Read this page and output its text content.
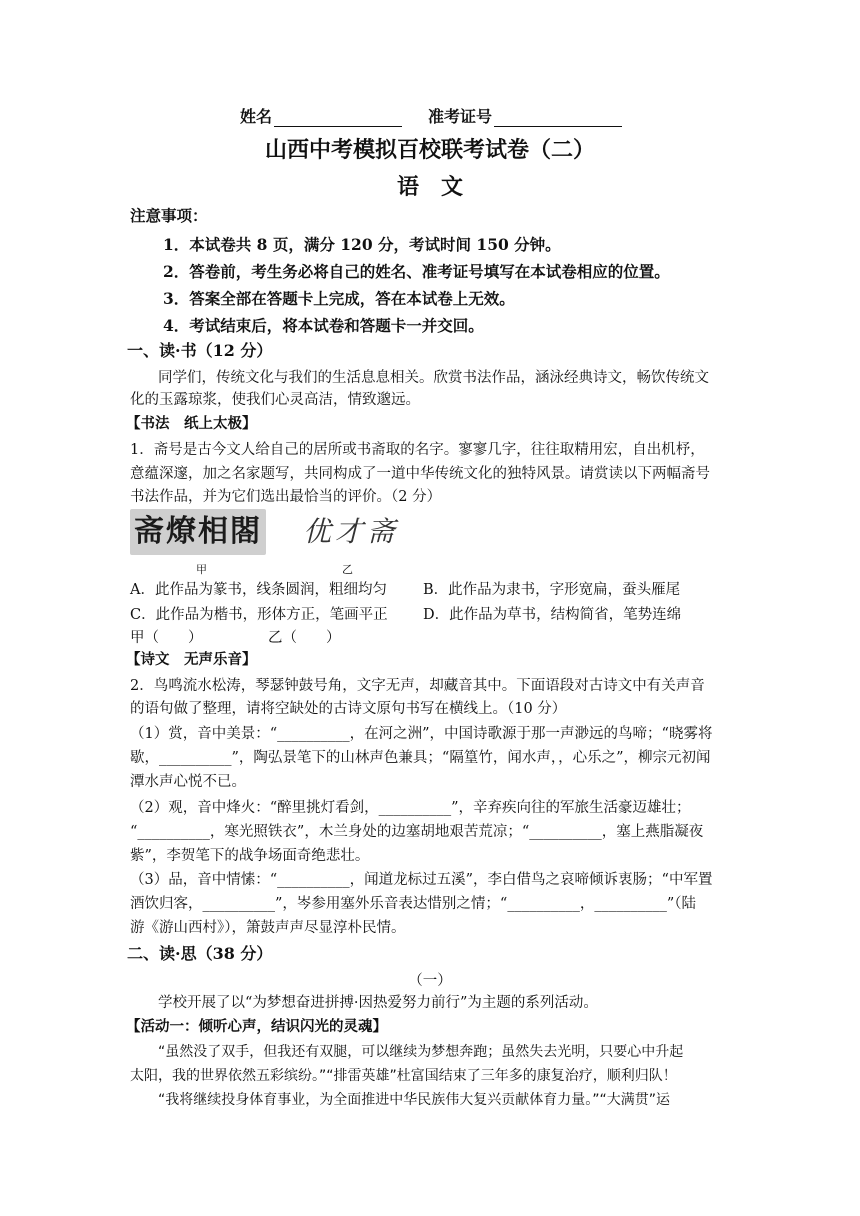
姓名	准考证号
山西中考模拟百校联考试卷（二）
语　文
注意事项：
1．本试卷共 8 页，满分 120 分，考试时间 150 分钟。
2．答卷前，考生务必将自己的姓名、准考证号填写在本试卷相应的位置。
3．答案全部在答题卡上完成，答在本试卷上无效。
4．考试结束后，将本试卷和答题卡一并交回。
一、读·书（12 分）
同学们，传统文化与我们的生活息息相关。欣赏书法作品，涵泳经典诗文，畅饮传统文
化的玉露琼浆，使我们心灵高洁，情致邈远。
【书法　纸上太极】
1．斋号是古今文人给自己的居所或书斋取的名字。寥寥几字，往往取精用宏，自出机杼，
意蕴深邃，加之名家题写，共同构成了一道中华传统文化的独特风景。请赏读以下两幅斋号
书法作品，并为它们选出最恰当的评价。（2 分）
斋燎相閤 优才斋
甲	乙
A．此作品为篆书，线条圆润，粗细均匀 B．此作品为隶书，字形宽扁，蚕头雁尾
C．此作品为楷书，形体方正，笔画平正 D．此作品为草书，结构简省，笔势连绵
甲（　　）	乙（　　）
【诗文　无声乐音】
2．鸟鸣流水松涛，琴瑟钟鼓号角，文字无声，却藏音其中。下面语段对古诗文中有关声音
的语句做了整理，请将空缺处的古诗文原句书写在横线上。（10 分）
（1）赏，音中美景：“__________，在河之洲”，中国诗歌源于那一声渺远的鸟啼；“晓雾将
歇，__________”，陶弘景笔下的山林声色兼具；“隔篁竹，闻水声，，心乐之”，柳宗元初闻
潭水声心悦不已。
（2）观，音中烽火：“醉里挑灯看剑，__________”，辛弃疾向往的军旅生活豪迈雄壮；
“__________，寒光照铁衣”，木兰身处的边塞胡地艰苦荒凉；“__________，塞上燕脂凝夜
紫”，李贺笔下的战争场面奇绝悲壮。
（3）品，音中情愫：“__________，闻道龙标过五溪”，李白借鸟之哀啼倾诉衷肠；“中军置
酒饮归客，__________”，岑参用塞外乐音表达惜别之情；“__________，__________”（陆
游《游山西村》），箫鼓声声尽显淳朴民情。
二、读·思（38 分）
（一）
学校开展了以“为梦想奋进拼搏·因热爱努力前行”为主题的系列活动。
【活动一：倾听心声，结识闪光的灵魂】
“虽然没了双手，但我还有双腿，可以继续为梦想奔跑；虽然失去光明，只要心中升起
太阳，我的世界依然五彩缤纷。”“排雷英雄”杜富国结束了三年多的康复治疗，顺利归队！
“我将继续投身体育事业，为全面推进中华民族伟大复兴贡献体育力量。”“大满贯”运
